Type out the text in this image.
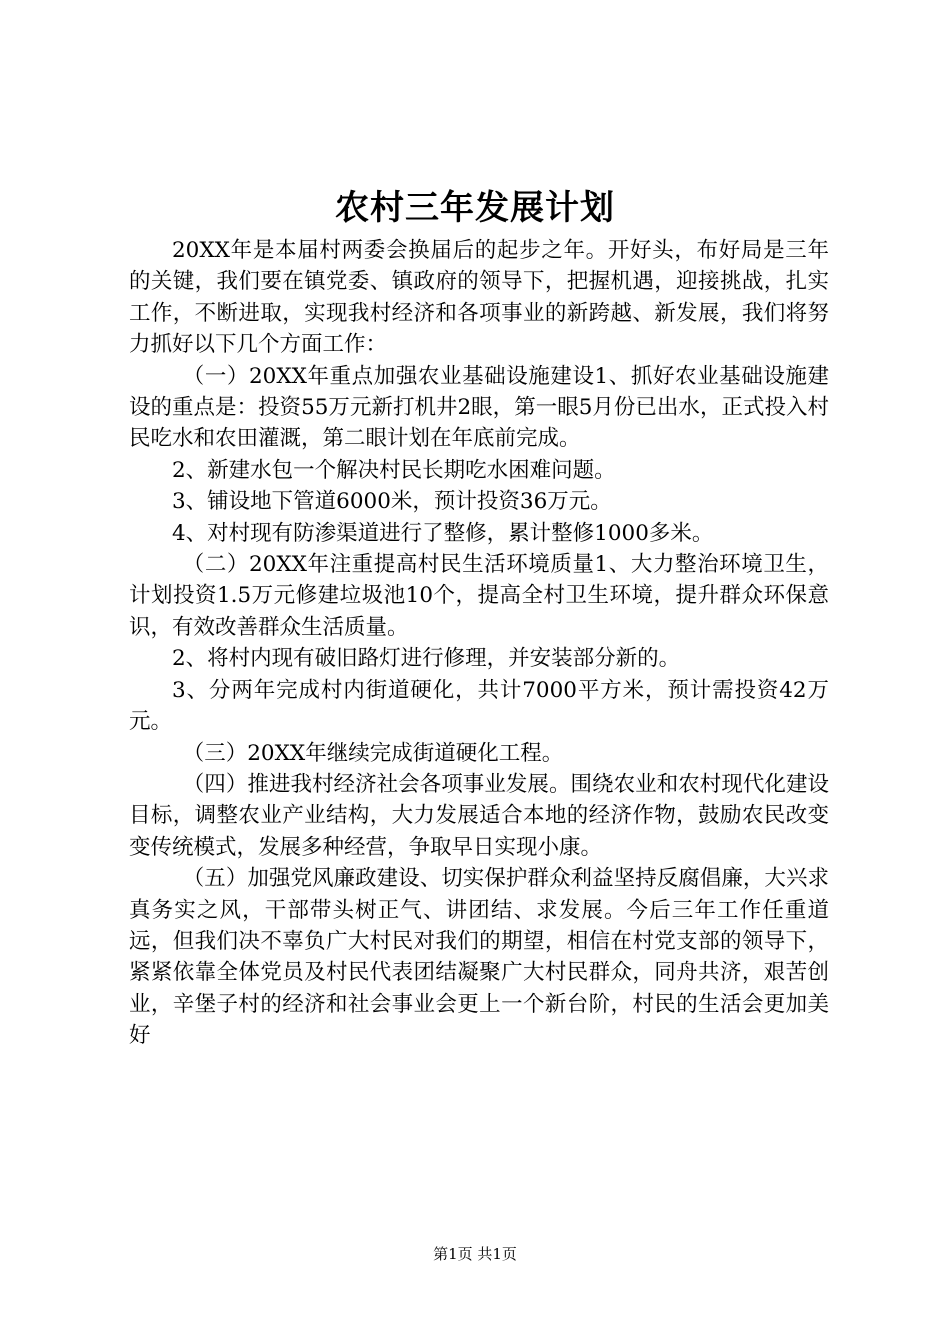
农村三年发展计划

20XX年是本届村两委会换届后的起步之年。开好头，布好局是三年的关键，我们要在镇党委、镇政府的领导下，把握机遇，迎接挑战，扎实工作，不断进取，实现我村经济和各项事业的新跨越、新发展，我们将努力抓好以下几个方面工作：

（一）20XX年重点加强农业基础设施建设1、抓好农业基础设施建设的重点是：投资55万元新打机井2眼，第一眼5月份已出水，正式投入村民吃水和农田灌溉，第二眼计划在年底前完成。

2、新建水包一个解决村民长期吃水困难问题。

3、铺设地下管道6000米，预计投资36万元。

4、对村现有防渗渠道进行了整修，累计整修1000多米。

（二）20XX年注重提高村民生活环境质量1、大力整治环境卫生，计划投资1.5万元修建垃圾池10个，提高全村卫生环境，提升群众环保意识，有效改善群众生活质量。

2、将村内现有破旧路灯进行修理，并安装部分新的。

3、分两年完成村内街道硬化，共计7000平方米，预计需投资42万元。

（三）20XX年继续完成街道硬化工程。

（四）推进我村经济社会各项事业发展。围绕农业和农村现代化建设目标，调整农业产业结构，大力发展适合本地的经济作物，鼓励农民改变变传统模式，发展多种经营，争取早日实现小康。

（五）加强党风廉政建设、切实保护群众利益坚持反腐倡廉，大兴求真务实之风，干部带头树正气、讲团结、求发展。今后三年工作任重道远，但我们决不辜负广大村民对我们的期望，相信在村党支部的领导下，紧紧依靠全体党员及村民代表团结凝聚广大村民群众，同舟共济，艰苦创业，辛堡子村的经济和社会事业会更上一个新台阶，村民的生活会更加美好

第1页 共1页
